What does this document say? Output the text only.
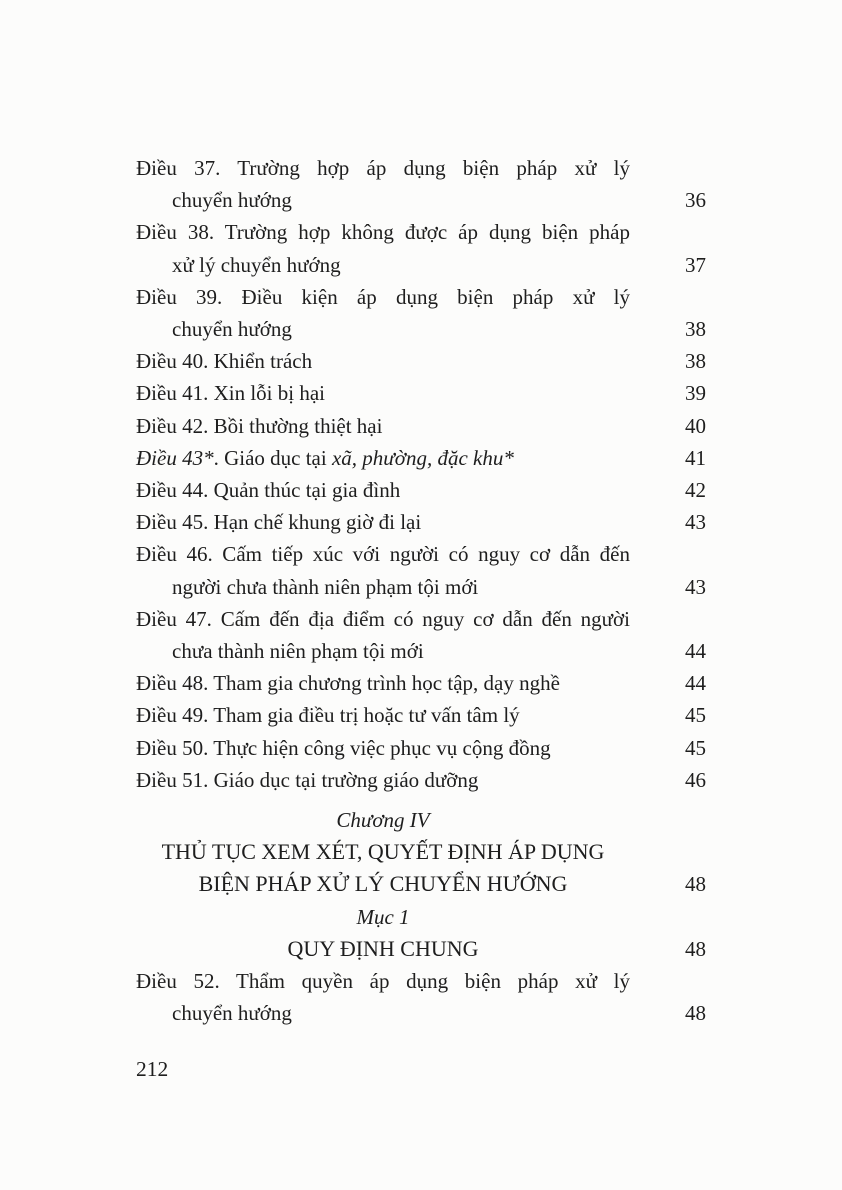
Điều 37. Trường hợp áp dụng biện pháp xử lý
chuyển hướng	36
Điều 38. Trường hợp không được áp dụng biện pháp
xử lý chuyển hướng	37
Điều 39. Điều kiện áp dụng biện pháp xử lý
chuyển hướng	38
Điều 40. Khiển trách	38
Điều 41. Xin lỗi bị hại	39
Điều 42. Bồi thường thiệt hại	40
Điều 43*. Giáo dục tại xã, phường, đặc khu*	41
Điều 44. Quản thúc tại gia đình	42
Điều 45. Hạn chế khung giờ đi lại	43
Điều 46. Cấm tiếp xúc với người có nguy cơ dẫn đến
người chưa thành niên phạm tội mới	43
Điều 47. Cấm đến địa điểm có nguy cơ dẫn đến người
chưa thành niên phạm tội mới	44
Điều 48. Tham gia chương trình học tập, dạy nghề	44
Điều 49. Tham gia điều trị hoặc tư vấn tâm lý	45
Điều 50. Thực hiện công việc phục vụ cộng đồng	45
Điều 51. Giáo dục tại trường giáo dưỡng	46
Chương IV
THỦ TỤC XEM XÉT, QUYẾT ĐỊNH ÁP DỤNG
BIỆN PHÁP XỬ LÝ CHUYỂN HƯỚNG	48
Mục 1
QUY ĐỊNH CHUNG	48
Điều 52. Thẩm quyền áp dụng biện pháp xử lý
chuyển hướng	48
212
